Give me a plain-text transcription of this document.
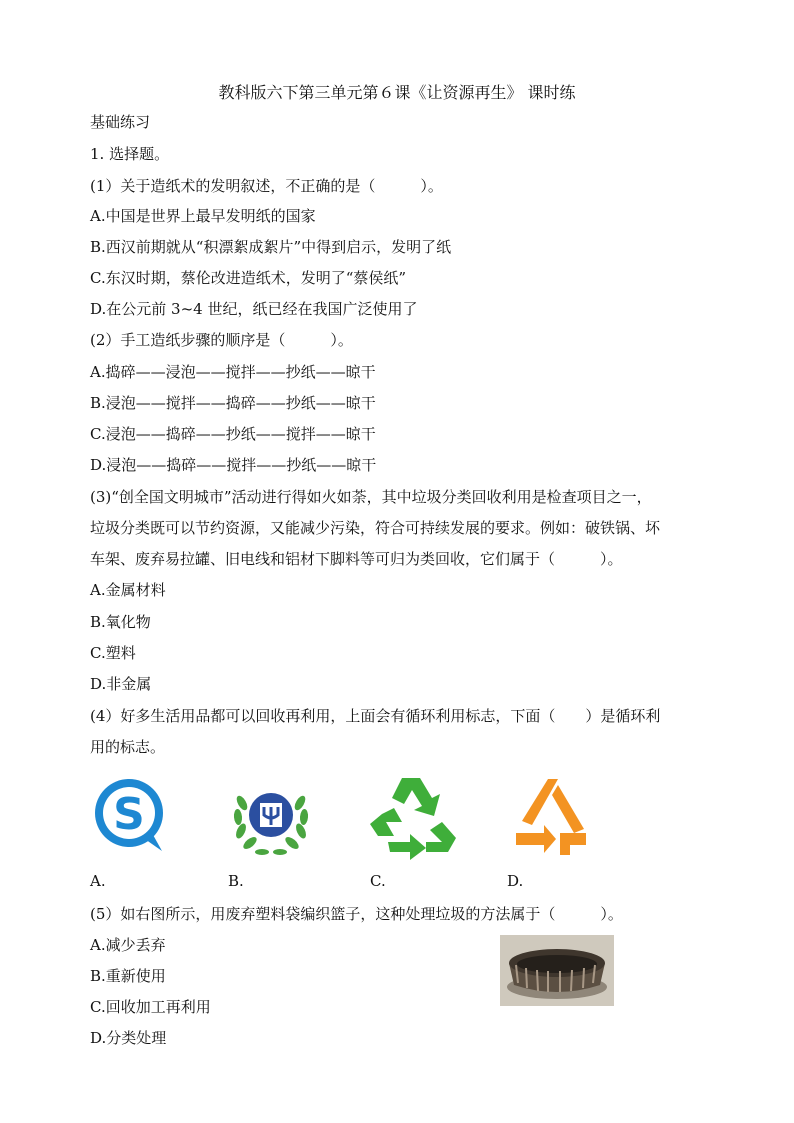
教科版六下第三单元第６课《让资源再生》 课时练
基础练习
1. 选择题。
(1）关于造纸术的发明叙述，不正确的是（　　　）。
A.中国是世界上最早发明纸的国家
B.西汉前期就从“积漂絮成絮片”中得到启示，发明了纸
C.东汉时期，蔡伦改进造纸术，发明了“蔡侯纸”
D.在公元前 3~4 世纪，纸已经在我国广泛使用了
(2）手工造纸步骤的顺序是（　　　）。
A.捣碎——浸泡——搅拌——抄纸——晾干
B.浸泡——搅拌——捣碎——抄纸——晾干
C.浸泡——捣碎——抄纸——搅拌——晾干
D.浸泡——捣碎——搅拌——抄纸——晾干
(3)“创全国文明城市”活动进行得如火如荼，其中垃圾分类回收利用是检查项目之一，
垃圾分类既可以节约资源，又能减少污染，符合可持续发展的要求。例如：破铁锅、坏
车架、废弃易拉罐、旧电线和铝材下脚料等可归为类回收，它们属于（　　　）。
A.金属材料
B.氧化物
C.塑料
D.非金属
(4）好多生活用品都可以回收再利用，上面会有循环利用标志，下面（　　）是循环利
用的标志。
S
A.	B.	C.	D.
(5）如右图所示，用废弃塑料袋编织篮子，这种处理垃圾的方法属于（　　　）。
A.减少丢弃
B.重新使用
C.回收加工再利用
D.分类处理
